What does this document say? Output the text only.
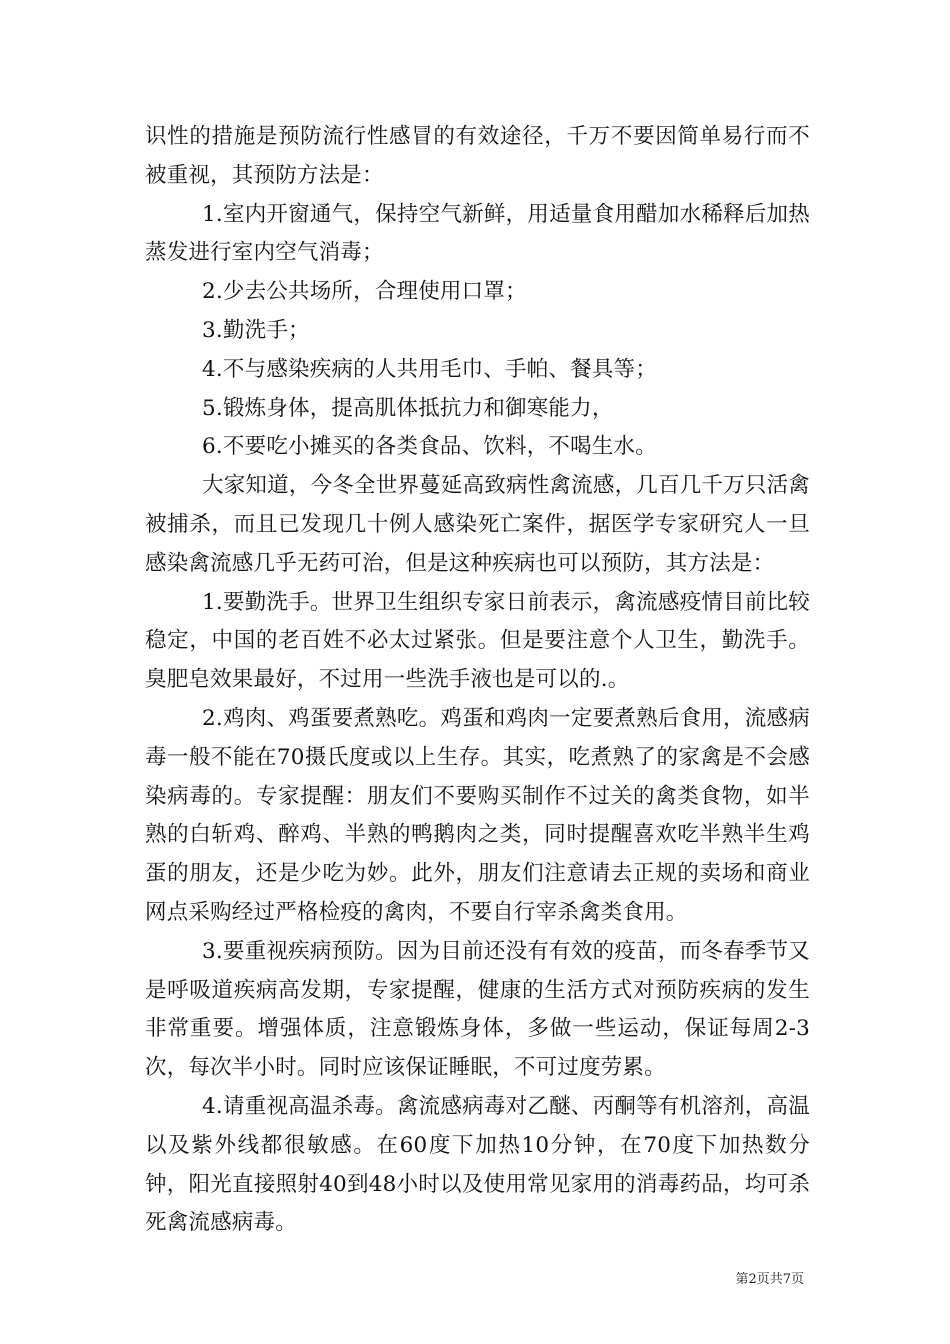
识性的措施是预防流行性感冒的有效途径，千万不要因简单易行而不被重视，其预防方法是：

1.室内开窗通气，保持空气新鲜，用适量食用醋加水稀释后加热蒸发进行室内空气消毒；

2.少去公共场所，合理使用口罩；

3.勤洗手；

4.不与感染疾病的人共用毛巾、手帕、餐具等；

5.锻炼身体，提高肌体抵抗力和御寒能力，

6.不要吃小摊买的各类食品、饮料，不喝生水。

大家知道，今冬全世界蔓延高致病性禽流感，几百几千万只活禽被捕杀，而且已发现几十例人感染死亡案件，据医学专家研究人一旦感染禽流感几乎无药可治，但是这种疾病也可以预防，其方法是：

1.要勤洗手。世界卫生组织专家日前表示，禽流感疫情目前比较稳定，中国的老百姓不必太过紧张。但是要注意个人卫生，勤洗手。臭肥皂效果最好，不过用一些洗手液也是可以的.。

2.鸡肉、鸡蛋要煮熟吃。鸡蛋和鸡肉一定要煮熟后食用，流感病毒一般不能在70摄氏度或以上生存。其实，吃煮熟了的家禽是不会感染病毒的。专家提醒：朋友们不要购买制作不过关的禽类食物，如半熟的白斩鸡、醉鸡、半熟的鸭鹅肉之类，同时提醒喜欢吃半熟半生鸡蛋的朋友，还是少吃为妙。此外，朋友们注意请去正规的卖场和商业网点采购经过严格检疫的禽肉，不要自行宰杀禽类食用。

3.要重视疾病预防。因为目前还没有有效的疫苗，而冬春季节又是呼吸道疾病高发期，专家提醒，健康的生活方式对预防疾病的发生非常重要。增强体质，注意锻炼身体，多做一些运动，保证每周2-3次，每次半小时。同时应该保证睡眠，不可过度劳累。

4.请重视高温杀毒。禽流感病毒对乙醚、丙酮等有机溶剂，高温以及紫外线都很敏感。在60度下加热10分钟，在70度下加热数分钟，阳光直接照射40到48小时以及使用常见家用的消毒药品，均可杀死禽流感病毒。

第2页共7页
